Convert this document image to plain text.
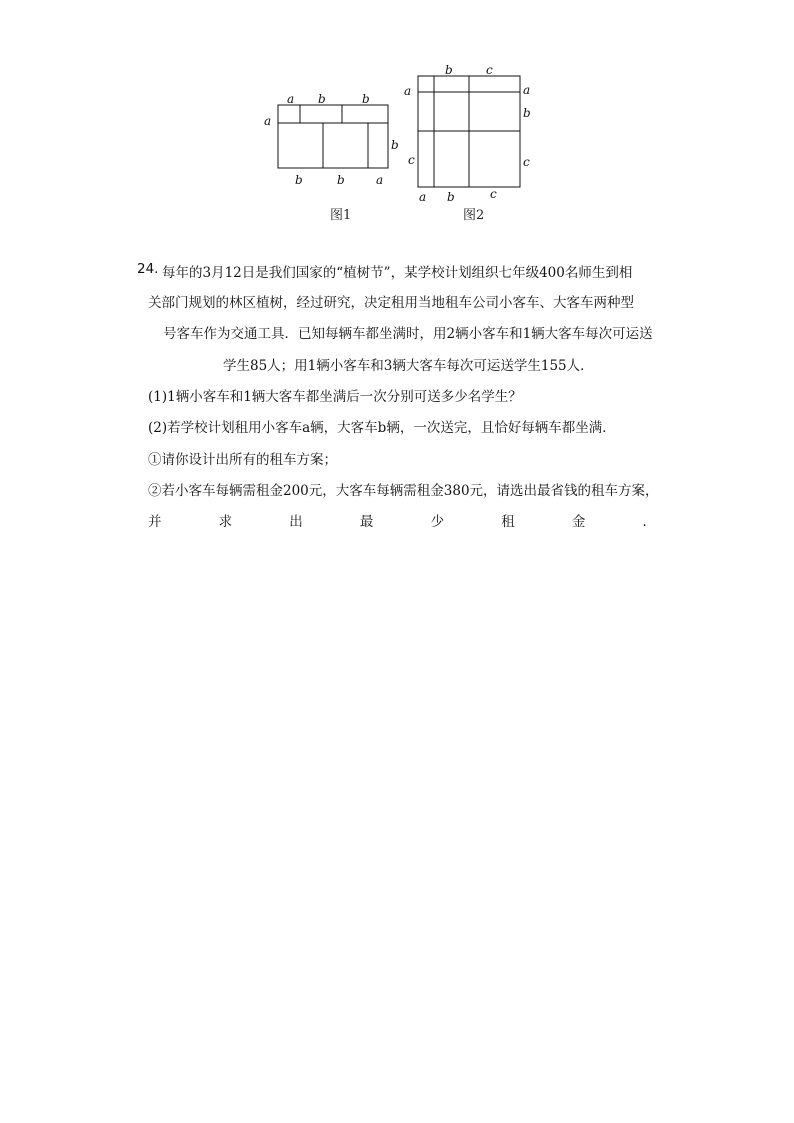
a b	b
a
b
b	b	a
b	c
a
c
a
b
c
a b	c
图1	图2
24. 每年的3月12日是我们国家的“植树节”，某学校计划组织七年级400名师生到相
关部门规划的林区植树，经过研究，决定租用当地租车公司小客车、大客车两种型
号客车作为交通工具．已知每辆车都坐满时，用2辆小客车和1辆大客车每次可运送
学生85人；用1辆小客车和3辆大客车每次可运送学生155人．
(1)1辆小客车和1辆大客车都坐满后一次分别可送多少名学生？
(2)若学校计划租用小客车a辆，大客车b辆，一次送完，且恰好每辆车都坐满．
①请你设计出所有的租车方案；
②若小客车每辆需租金200元，大客车每辆需租金380元，请选出最省钱的租车方案，
并	求	出	最	少	租	金	．
